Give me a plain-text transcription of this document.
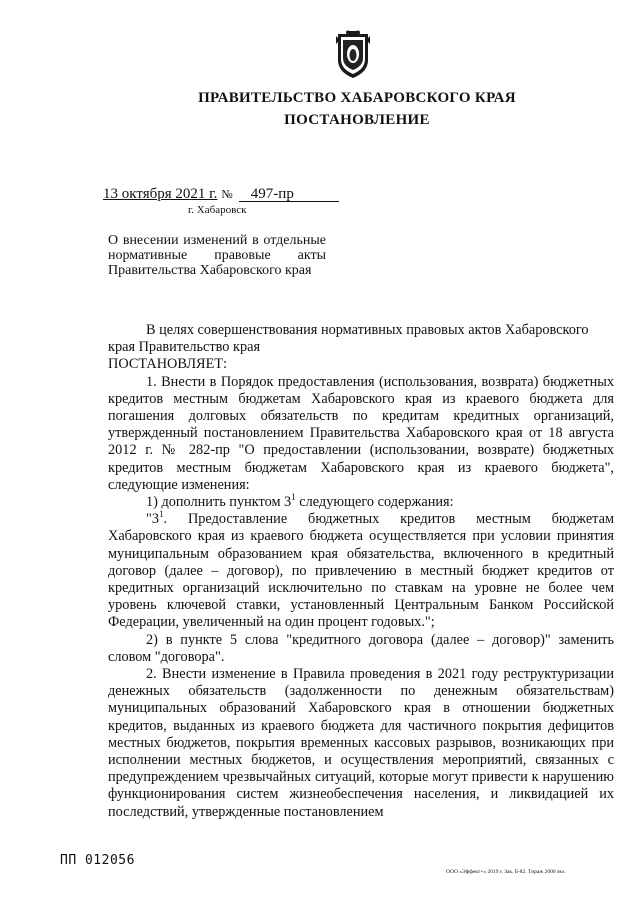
ПРАВИТЕЛЬСТВО ХАБАРОВСКОГО КРАЯ
ПОСТАНОВЛЕНИЕ
13 октября 2021 г. № 497-пр
г. Хабаровск
О внесении изменений в отдельные нормативные правовые акты Правительства Хабаровского края

В целях совершенствования нормативных правовых актов Хабаровского

края Правительство края

ПОСТАНОВЛЯЕТ:

1. Внести в Порядок предоставления (использования, возврата) бюджетных кредитов местным бюджетам Хабаровского края из краевого бюджета для погашения долговых обязательств по кредитам кредитных организаций, утвержденный постановлением Правительства Хабаровского края от 18 августа 2012 г. № 282-пр "О предоставлении (использовании, возврате) бюджетных кредитов местным бюджетам Хабаровского края из краевого бюджета", следующие изменения:

1) дополнить пунктом $3^1$ следующего содержания:

"$3^1$. Предоставление бюджетных кредитов местным бюджетам Хабаровского края из краевого бюджета осуществляется при условии принятия муниципальным образованием края обязательства, включенного в кредитный договор (далее – договор), по привлечению в местный бюджет кредитов от кредитных организаций исключительно по ставкам на уровне не более чем уровень ключевой ставки, установленный Центральным Банком Российской Федерации, увеличенный на один процент годовых.";

2) в пункте 5 слова "кредитного договора (далее – договор)" заменить словом "договора".

2. Внести изменение в Правила проведения в 2021 году реструктуризации денежных обязательств (задолженности по денежным обязательствам) муниципальных образований Хабаровского края в отношении бюджетных кредитов, выданных из краевого бюджета для частичного покрытия дефицитов местных бюджетов, покрытия временных кассовых разрывов, возникающих при исполнении местных бюджетов, и осуществления мероприятий, связанных с предупреждением чрезвычайных ситуаций, которые могут привести к нарушению функционирования систем жизнеобеспечения населения, и ликвидацией их последствий, утвержденные постановлением

ПП 012056
ООО «Эффект+» 2019 г. Зак. Б-82. Тираж 2000 экз.
